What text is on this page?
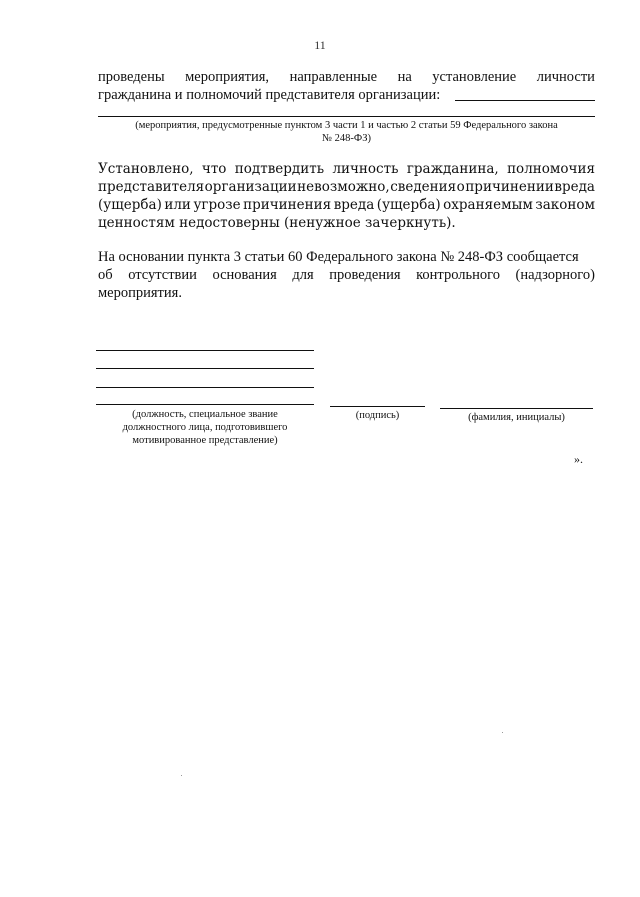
11
проведены мероприятия, направленные на установление личности
гражданина и полномочий представителя организации:
(мероприятия, предусмотренные пунктом 3 части 1 и частью 2 статьи 59 Федерального закона
№ 248-ФЗ)
Установлено, что подтвердить личность гражданина, полномочия
представителя организации невозможно, сведения о причинении вреда
(ущерба) или угрозе причинения вреда (ущерба) охраняемым законом
ценностям недостоверны (ненужное зачеркнуть).
На основании пункта 3 статьи 60 Федерального закона № 248-ФЗ сообщается
об отсутствии основания для проведения контрольного (надзорного)
мероприятия.
(должность, специальное звание
должностного лица, подготовившего
мотивированное представление)
(подпись)	(фамилия, инициалы)
».
